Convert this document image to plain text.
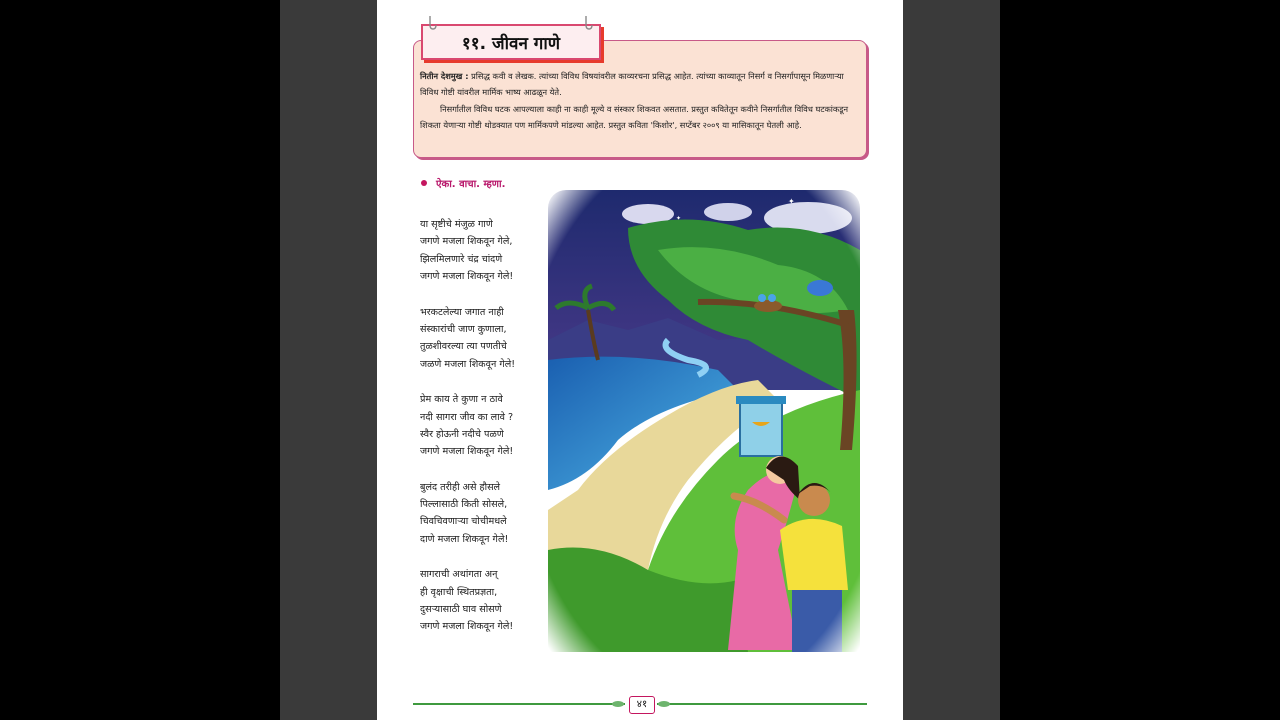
११. जीवन गाणे

नितीन देशमुख : प्रसिद्ध कवी व लेखक. त्यांच्या विविध विषयांवरील काव्यरचना प्रसिद्ध आहेत. त्यांच्या काव्यातून निसर्ग व निसर्गापासून मिळणाऱ्या विविध गोष्टी यांवरील मार्मिक भाष्य आढळून येते.

निसर्गातील विविध घटक आपल्याला काही ना काही मूल्ये व संस्कार शिकवत असतात. प्रस्तुत कवितेतून कवीने निसर्गातील विविध घटकांकडून शिकता येणाऱ्या गोष्टी थोडक्यात पण मार्मिकपणे मांडल्या आहेत. प्रस्तुत कविता 'किशोर', सप्टेंबर २००९ या मासिकातून घेतली आहे.

ऐका. वाचा. म्हणा.
या सृष्टीचे मंजुळ गाणे
जगणे मजला शिकवून गेले,
झिलमिलणारे चंद्र चांदणे
जगणे मजला शिकवून गेले!
भरकटलेल्या जगात नाही
संस्कारांची जाण कुणाला,
तुळशीवरल्या त्या पणतीचे
जळणे मजला शिकवून गेले!
प्रेम काय ते कुणा न ठावे
नदी सागरा जीव का लावे ?
स्वैर होऊनी नदीचे पळणे
जगणे मजला शिकवून गेले!
बुलंद तरीही असे हौसले
पिल्लासाठी किती सोसले,
चिवचिवणाऱ्या चोचीमधले
दाणे मजला शिकवून गेले!
सागराची अथांगता अन्
ही वृक्षाची स्थितप्रज्ञता,
दुसऱ्यासाठी घाव सोसणे
जगणे मजला शिकवून गेले!
४१
